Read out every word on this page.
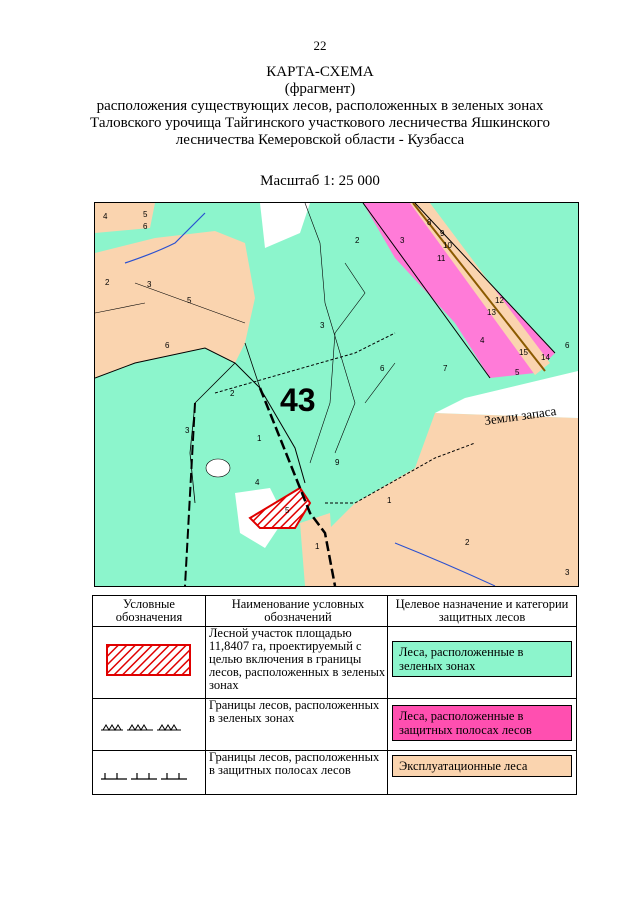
22
КАРТА-СХЕМА
(фрагмент)
расположения существующих лесов, расположенных в зеленых зонах
Таловского урочища Тайгинского участкового лесничества Яшкинского
лесничества Кемеровской области - Кузбасса
Масштаб 1: 25 000
4	5
6
2	3
5
6
2
3
1
4
5
1
3
6
9
7
1
2
2	3
8
9
10
11
12
13
4
5
6
15
14
3
43	Земли запаса
Условные обозначения	Наименование условных обозначений	Целевое назначение и категории защитных лесов
	Лесной участок площадью 11,8407 га, проектируемый с целью включения в границы лесов, расположенных в зеленых зонах	Леса, расположенные в зеленых зонах

	Границы лесов, расположенных в зеленых зонах	Леса, расположенные в защитных полосах лесов

	Границы лесов, расположенных в защитных полосах лесов	Эксплуатационные леса
